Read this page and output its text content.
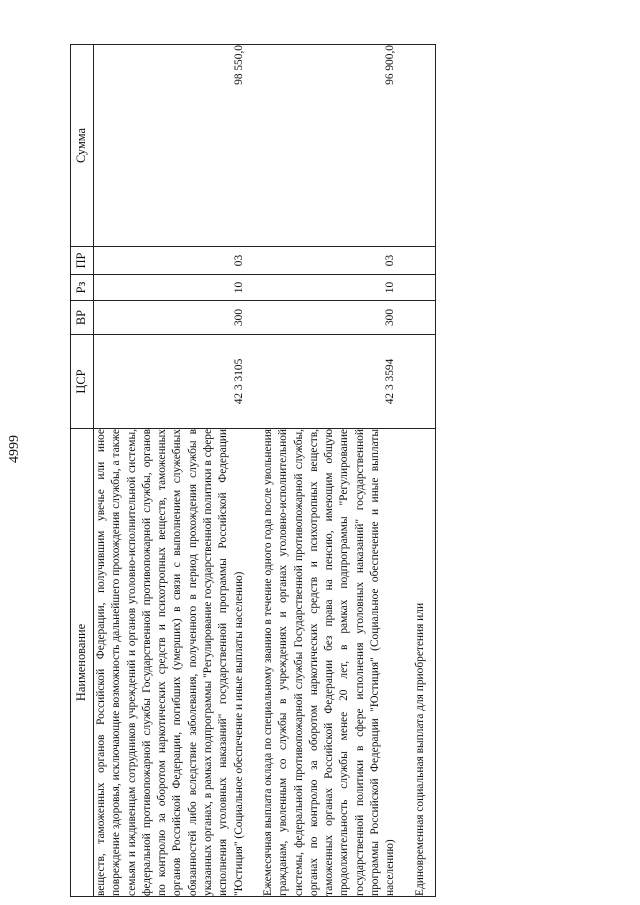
4999
Наименование	ЦСР	ВР	Рз	ПР	Сумма
веществ, таможенных органов Российской Федерации, получившим увечье или иное повреждение здоровья, исключающие возможность дальнейшего прохождения службы, а также семьям и иждивенцам сотрудников учреждений и органов уголовно-исполнительной системы, федеральной противопожарной службы Государственной противопожарной службы, органов по контролю за оборотом наркотических средств и психотропных веществ, таможенных органов Российской Федерации, погибших (умерших) в связи с выполнением служебных обязанностей либо вследствие заболевания, полученного в период прохождения службы в указанных органах, в рамках подпрограммы "Регулирование государственной политики в сфере исполнения уголовных наказаний" государственной программы Российской Федерации "Юстиция" (Социальное обеспечение и иные выплаты населению)	42 3 3105	300	10	03	98 550,0
Ежемесячная выплата оклада по специальному званию в течение одного года после увольнения гражданам, уволенным со службы в учреждениях и органах уголовно-исполнительной системы, федеральной противопожарной службы Государственной противопожарной службы, органах по контролю за оборотом наркотических средств и психотропных веществ, таможенных органах Российской Федерации без права на пенсию, имеющим общую продолжительность службы менее 20 лет, в рамках подпрограммы "Регулирование государственной политики в сфере исполнения уголовных наказаний" государственной программы Российской Федерации "Юстиция" (Социальное обеспечение и иные выплаты населению)	42 3 3594	300	10	03	96 900,0
Единовременная социальная выплата для приобретения или					
